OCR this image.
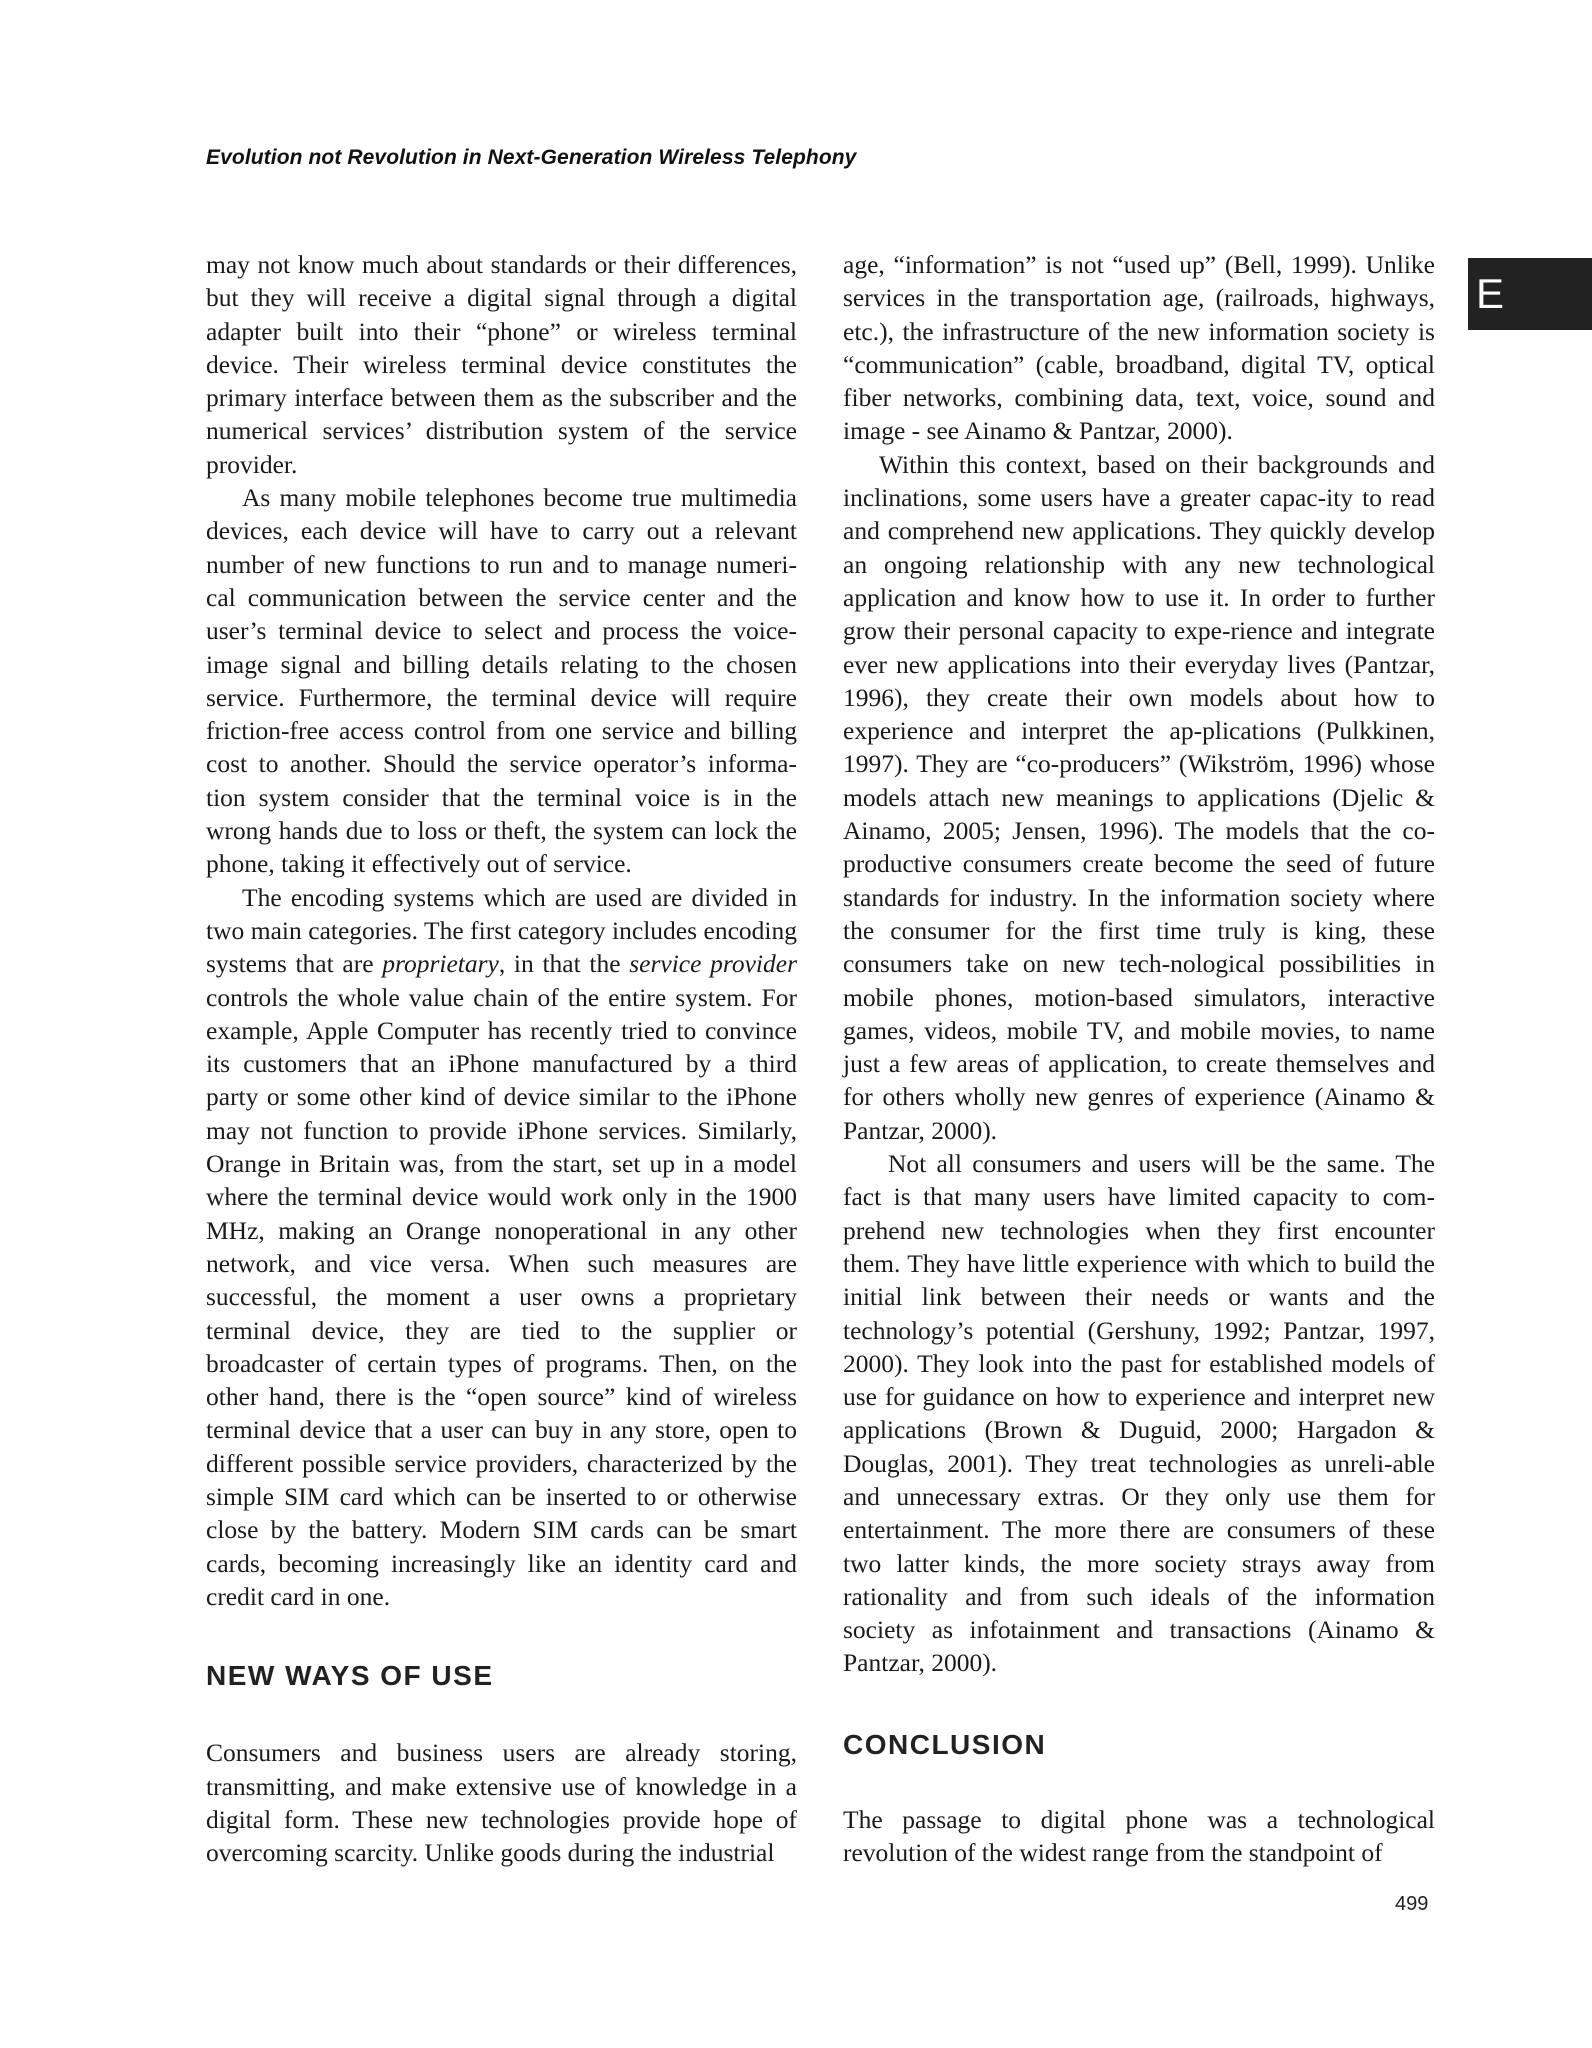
Evolution not Revolution in Next-Generation Wireless Telephony
E

may not know much about standards or their differences, but they will receive a digital signal through a digital adapter built into their “phone” or wireless terminal device. Their wireless terminal device constitutes the primary interface between them as the subscriber and the numerical services’ distribution system of the service provider.

As many mobile telephones become true multimedia devices, each device will have to carry out a relevant number of new functions to run and to manage numeri-cal communication between the service center and the user’s terminal device to select and process the voice-image signal and billing details relating to the chosen service. Furthermore, the terminal device will require friction-free access control from one service and billing cost to another. Should the service operator’s informa-tion system consider that the terminal voice is in the wrong hands due to loss or theft, the system can lock the phone, taking it effectively out of service.

The encoding systems which are used are divided in two main categories. The first category includes encoding systems that are proprietary, in that the service provider controls the whole value chain of the entire system. For example, Apple Computer has recently tried to convince its customers that an iPhone manufactured by a third party or some other kind of device similar to the iPhone may not function to provide iPhone services. Similarly, Orange in Britain was, from the start, set up in a model where the terminal device would work only in the 1900 MHz, making an Orange nonoperational in any other network, and vice versa. When such measures are successful, the moment a user owns a proprietary terminal device, they are tied to the supplier or broadcaster of certain types of programs. Then, on the other hand, there is the “open source” kind of wireless terminal device that a user can buy in any store, open to different possible service providers, characterized by the simple SIM card which can be inserted to or otherwise close by the battery. Modern SIM cards can be smart cards, becoming increasingly like an identity card and credit card in one.

NEW WAYS OF USE

Consumers and business users are already storing, transmitting, and make extensive use of knowledge in a digital form. These new technologies provide hope of overcoming scarcity. Unlike goods during the industrial

age, “information” is not “used up” (Bell, 1999). Unlike services in the transportation age, (railroads, highways, etc.), the infrastructure of the new information society is “communication” (cable, broadband, digital TV, optical fiber networks, combining data, text, voice, sound and image - see Ainamo & Pantzar, 2000).

Within this context, based on their backgrounds and inclinations, some users have a greater capac-ity to read and comprehend new applications. They quickly develop an ongoing relationship with any new technological application and know how to use it. In order to further grow their personal capacity to expe-rience and integrate ever new applications into their everyday lives (Pantzar, 1996), they create their own models about how to experience and interpret the ap-plications (Pulkkinen, 1997). They are “co-producers” (Wikström, 1996) whose models attach new meanings to applications (Djelic & Ainamo, 2005; Jensen, 1996). The models that the co-productive consumers create become the seed of future standards for industry. In the information society where the consumer for the first time truly is king, these consumers take on new tech-nological possibilities in mobile phones, motion-based simulators, interactive games, videos, mobile TV, and mobile movies, to name just a few areas of application, to create themselves and for others wholly new genres of experience (Ainamo & Pantzar, 2000).

Not all consumers and users will be the same. The fact is that many users have limited capacity to com-prehend new technologies when they first encounter them. They have little experience with which to build the initial link between their needs or wants and the technology’s potential (Gershuny, 1992; Pantzar, 1997, 2000). They look into the past for established models of use for guidance on how to experience and interpret new applications (Brown & Duguid, 2000; Hargadon & Douglas, 2001). They treat technologies as unreli-able and unnecessary extras. Or they only use them for entertainment. The more there are consumers of these two latter kinds, the more society strays away from rationality and from such ideals of the information society as infotainment and transactions (Ainamo & Pantzar, 2000).

CONCLUSION

The passage to digital phone was a technological revolution of the widest range from the standpoint of

499
